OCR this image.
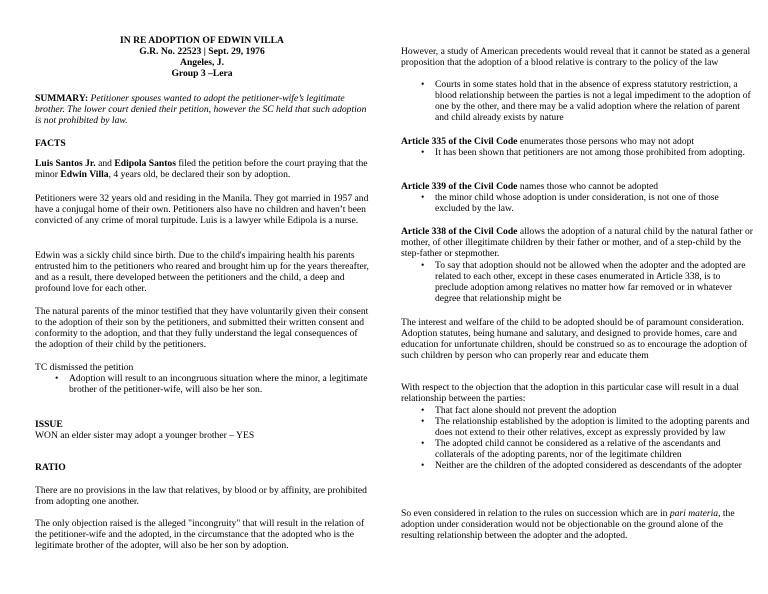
IN RE ADOPTION OF EDWIN VILLA

G.R. No. 22523 | Sept. 29, 1976

Angeles, J.

Group 3 –Lera

SUMMARY: Petitioner spouses wanted to adopt the petitioner-wife’s legitimate brother. The lower court denied their petition, however the SC held that such adoption is not prohibited by law.

FACTS

Luis Santos Jr. and Edipola Santos filed the petition before the court praying that the minor Edwin Villa, 4 years old, be declared their son by adoption.

Petitioners were 32 years old and residing in the Manila. They got married in 1957 and have a conjugal home of their own. Petitioners also have no children and haven’t been convicted of any crime of moral turpitude. Luis is a lawyer while Edipola is a nurse.

Edwin was a sickly child since birth. Due to the child's impairing health his parents entrusted him to the petitioners who reared and brought him up for the years thereafter, and as a result, there developed between the petitioners and the child, a deep and profound love for each other.

The natural parents of the minor testified that they have voluntarily given their consent to the adoption of their son by the petitioners, and submitted their written consent and conformity to the adoption, and that they fully understand the legal consequences of the adoption of their child by the petitioners.

TC dismissed the petition

• Adoption will result to an incongruous situation where the minor, a legitimate brother of the petitioner-wife, will also be her son.

ISSUE

WON an elder sister may adopt a younger brother – YES

RATIO

There are no provisions in the law that relatives, by blood or by affinity, are prohibited from adopting one another.

The only objection raised is the alleged "incongruity" that will result in the relation of the petitioner-wife and the adopted, in the circumstance that the adopted who is the legitimate brother of the adopter, will also be her son by adoption.

However, a study of American precedents would reveal that it cannot be stated as a general proposition that the adoption of a blood relative is contrary to the policy of the law

• Courts in some states hold that in the absence of express statutory restriction, a blood relationship between the parties is not a legal impediment to the adoption of one by the other, and there may be a valid adoption where the relation of parent and child already exists by nature

Article 335 of the Civil Code enumerates those persons who may not adopt

• It has been shown that petitioners are not among those prohibited from adopting.

Article 339 of the Civil Code names those who cannot be adopted

• the minor child whose adoption is under consideration, is not one of those excluded by the law.

Article 338 of the Civil Code allows the adoption of a natural child by the natural father or mother, of other illegitimate children by their father or mother, and of a step-child by the step-father or stepmother.

• To say that adoption should not be allowed when the adopter and the adopted are related to each other, except in these cases enumerated in Article 338, is to preclude adoption among relatives no matter how far removed or in whatever degree that relationship might be

The interest and welfare of the child to be adopted should be of paramount consideration. Adoption statutes, being humane and salutary, and designed to provide homes, care and education for unfortunate children, should be construed so as to encourage the adoption of such children by person who can properly rear and educate them

With respect to the objection that the adoption in this particular case will result in a dual relationship between the parties:

• That fact alone should not prevent the adoption
• The relationship established by the adoption is limited to the adopting parents and does not extend to their other relatives, except as expressly provided by law
• The adopted child cannot be considered as a relative of the ascendants and collaterals of the adopting parents, nor of the legitimate children
• Neither are the children of the adopted considered as descendants of the adopter

So even considered in relation to the rules on succession which are in pari materia, the adoption under consideration would not be objectionable on the ground alone of the resulting relationship between the adopter and the adopted.
